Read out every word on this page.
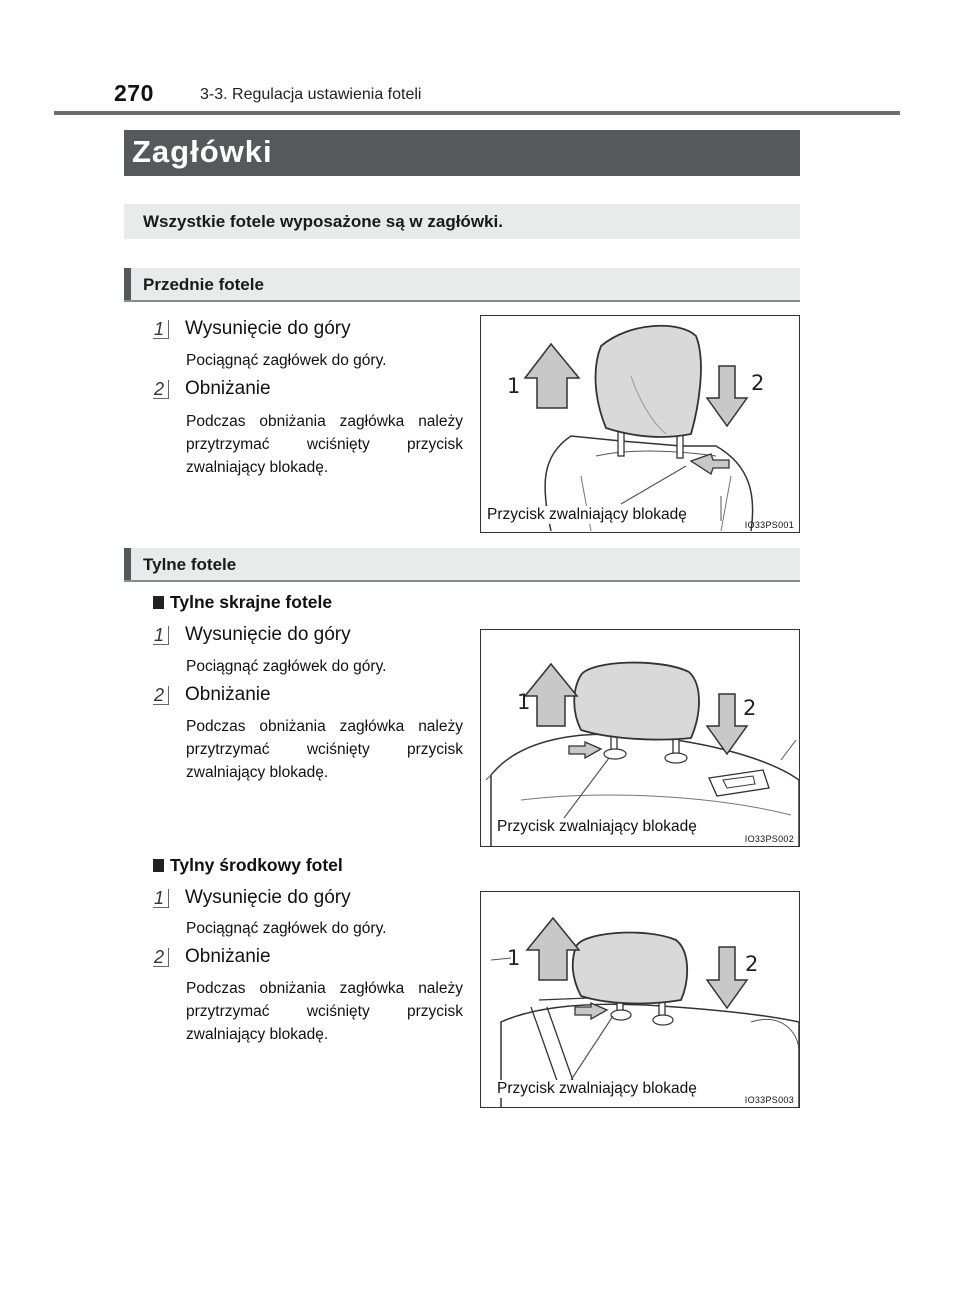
270	3-3. Regulacja ustawienia foteli
Zagłówki
Wszystkie fotele wyposażone są w zagłówki.
Przednie fotele
1 Wysunięcie do góry
Pociągnąć zagłówek do góry.
2 Obniżanie
Podczas obniżania zagłówka należy przytrzymać wciśnięty przycisk zwalniający blokadę.
1	2
Przycisk zwalniający blokadę
IO33PS001
Tylne fotele
Tylne skrajne fotele
1 Wysunięcie do góry
Pociągnąć zagłówek do góry.
2 Obniżanie
Podczas obniżania zagłówka należy przytrzymać wciśnięty przycisk zwalniający blokadę.
1	2
Przycisk zwalniający blokadę
IO33PS002
Tylny środkowy fotel
1 Wysunięcie do góry
Pociągnąć zagłówek do góry.
2 Obniżanie
Podczas obniżania zagłówka należy przytrzymać wciśnięty przycisk zwalniający blokadę.
1	2
Przycisk zwalniający blokadę
IO33PS003
